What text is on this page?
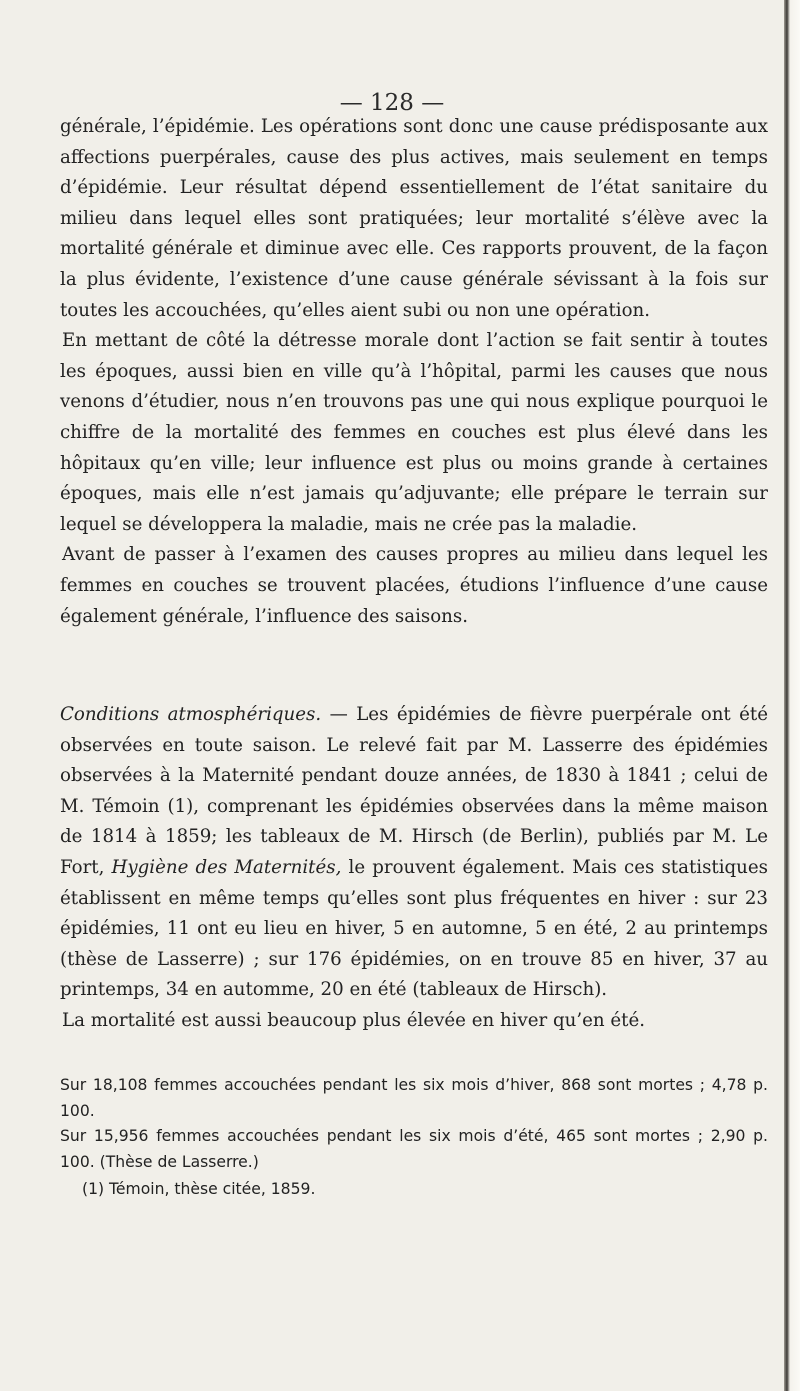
— 128 —

générale, l’épidémie. Les opérations sont donc une cause prédisposante aux affections puerpérales, cause des plus actives, mais seulement en temps d’épidémie. Leur résultat dépend essentiellement de l’état sanitaire du milieu dans lequel elles sont pratiquées; leur mortalité s’élève avec la mortalité générale et diminue avec elle. Ces rapports prouvent, de la façon la plus évidente, l’existence d’une cause générale sévissant à la fois sur toutes les accouchées, qu’elles aient subi ou non une opération.

En mettant de côté la détresse morale dont l’action se fait sentir à toutes les époques, aussi bien en ville qu’à l’hôpital, parmi les causes que nous venons d’étudier, nous n’en trouvons pas une qui nous explique pourquoi le chiffre de la mortalité des femmes en couches est plus élevé dans les hôpitaux qu’en ville; leur influence est plus ou moins grande à certaines époques, mais elle n’est jamais qu’adjuvante; elle prépare le terrain sur lequel se développera la maladie, mais ne crée pas la maladie.

Avant de passer à l’examen des causes propres au milieu dans lequel les femmes en couches se trouvent placées, étudions l’influence d’une cause également générale, l’influence des saisons.

Conditions atmosphériques. — Les épidémies de fièvre puerpérale ont été observées en toute saison. Le relevé fait par M. Lasserre des épidémies observées à la Maternité pendant douze années, de 1830 à 1841 ; celui de M. Témoin (1), comprenant les épidémies observées dans la même maison de 1814 à 1859; les tableaux de M. Hirsch (de Berlin), publiés par M. Le Fort, Hygiène des Maternités, le prouvent également. Mais ces statistiques établissent en même temps qu’elles sont plus fréquentes en hiver : sur 23 épidémies, 11 ont eu lieu en hiver, 5 en automne, 5 en été, 2 au printemps (thèse de Lasserre) ; sur 176 épidémies, on en trouve 85 en hiver, 37 au printemps, 34 en automme, 20 en été (tableaux de Hirsch).

La mortalité est aussi beaucoup plus élevée en hiver qu’en été.

Sur 18,108 femmes accouchées pendant les six mois d’hiver, 868 sont mortes ; 4,78 p. 100.

Sur 15,956 femmes accouchées pendant les six mois d’été, 465 sont mortes ; 2,90 p. 100. (Thèse de Lasserre.)

(1) Témoin, thèse citée, 1859.
